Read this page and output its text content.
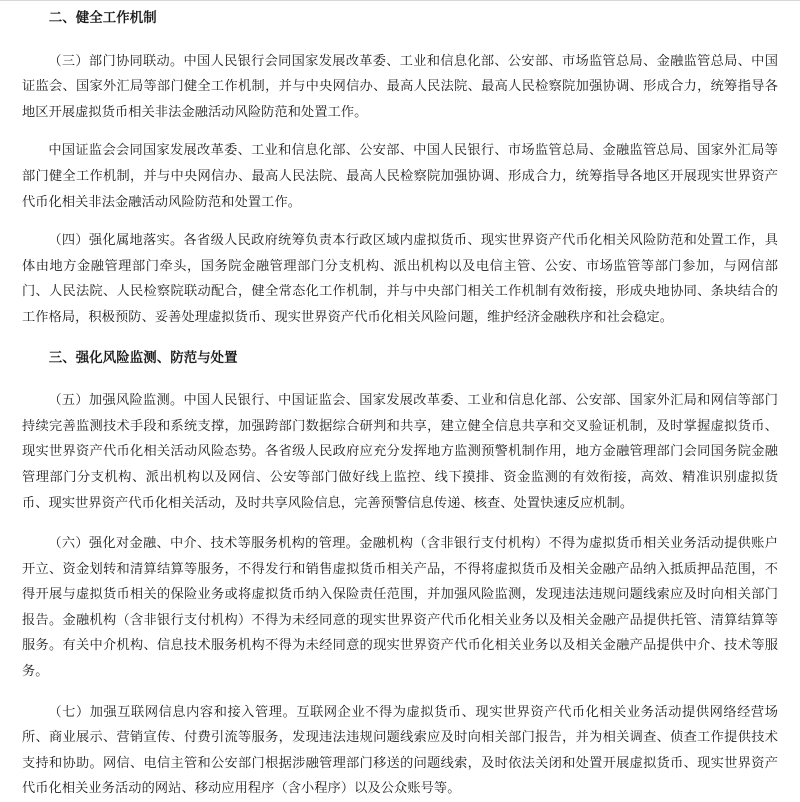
二、健全工作机制

（三）部门协同联动。中国人民银行会同国家发展改革委、工业和信息化部、公安部、市场监管总局、金融监管总局、中国证监会、国家外汇局等部门健全工作机制，并与中央网信办、最高人民法院、最高人民检察院加强协调、形成合力，统筹指导各地区开展虚拟货币相关非法金融活动风险防范和处置工作。

中国证监会会同国家发展改革委、工业和信息化部、公安部、中国人民银行、市场监管总局、金融监管总局、国家外汇局等部门健全工作机制，并与中央网信办、最高人民法院、最高人民检察院加强协调、形成合力，统筹指导各地区开展现实世界资产代币化相关非法金融活动风险防范和处置工作。

（四）强化属地落实。各省级人民政府统筹负责本行政区域内虚拟货币、现实世界资产代币化相关风险防范和处置工作，具体由地方金融管理部门牵头，国务院金融管理部门分支机构、派出机构以及电信主管、公安、市场监管等部门参加，与网信部门、人民法院、人民检察院联动配合，健全常态化工作机制，并与中央部门相关工作机制有效衔接，形成央地协同、条块结合的工作格局，积极预防、妥善处理虚拟货币、现实世界资产代币化相关风险问题，维护经济金融秩序和社会稳定。

三、强化风险监测、防范与处置

（五）加强风险监测。中国人民银行、中国证监会、国家发展改革委、工业和信息化部、公安部、国家外汇局和网信等部门持续完善监测技术手段和系统支撑，加强跨部门数据综合研判和共享，建立健全信息共享和交叉验证机制，及时掌握虚拟货币、现实世界资产代币化相关活动风险态势。各省级人民政府应充分发挥地方监测预警机制作用，地方金融管理部门会同国务院金融管理部门分支机构、派出机构以及网信、公安等部门做好线上监控、线下摸排、资金监测的有效衔接，高效、精准识别虚拟货币、现实世界资产代币化相关活动，及时共享风险信息，完善预警信息传递、核查、处置快速反应机制。

（六）强化对金融、中介、技术等服务机构的管理。金融机构（含非银行支付机构）不得为虚拟货币相关业务活动提供账户开立、资金划转和清算结算等服务，不得发行和销售虚拟货币相关产品，不得将虚拟货币及相关金融产品纳入抵质押品范围，不得开展与虚拟货币相关的保险业务或将虚拟货币纳入保险责任范围，并加强风险监测，发现违法违规问题线索应及时向相关部门报告。金融机构（含非银行支付机构）不得为未经同意的现实世界资产代币化相关业务以及相关金融产品提供托管、清算结算等服务。有关中介机构、信息技术服务机构不得为未经同意的现实世界资产代币化相关业务以及相关金融产品提供中介、技术等服务。

（七）加强互联网信息内容和接入管理。互联网企业不得为虚拟货币、现实世界资产代币化相关业务活动提供网络经营场所、商业展示、营销宣传、付费引流等服务，发现违法违规问题线索应及时向相关部门报告，并为相关调查、侦查工作提供技术支持和协助。网信、电信主管和公安部门根据涉融管理部门移送的问题线索，及时依法关闭和处置开展虚拟货币、现实世界资产代币化相关业务活动的网站、移动应用程序（含小程序）以及公众账号等。
